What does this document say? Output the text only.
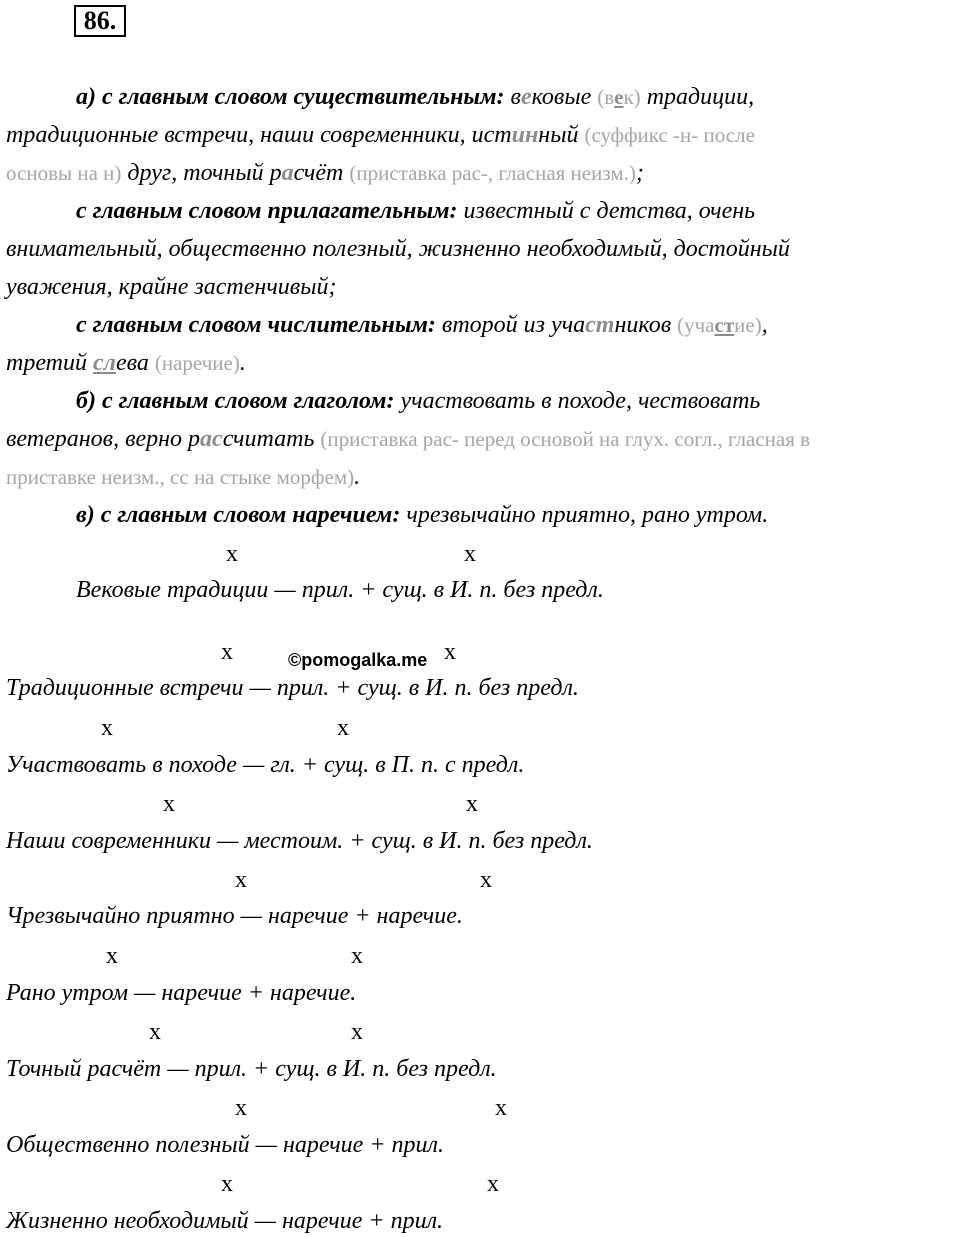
86.
а) с главным словом существительным: вековые (век) традиции,
традиционные встречи, наши современники, истинный (суффикс -н- после
основы на н) друг, точный расчёт (приставка рас-, гласная неизм.);
с главным словом прилагательным: известный с детства, очень
внимательный, общественно полезный, жизненно необходимый, достойный
уважения, крайне застенчивый;
с главным словом числительным: второй из участников (участие),
третий слева (наречие).
б) с главным словом глаголом: участвовать в походе, чествовать
ветеранов, верно рассчитать (приставка рас- перед основой на глух. согл., гласная в
приставке неизм., сс на стыке морфем).
в) с главным словом наречием: чрезвычайно приятно, рано утром.
x	x
Вековые традиции — прил. + сущ. в И. п. без предл.
x	x
©pomogalka.me
Традиционные встречи — прил. + сущ. в И. п. без предл.
x	x
Участвовать в походе — гл. + сущ. в П. п. с предл.
x	x
Наши современники — местоим. + сущ. в И. п. без предл.
x	x
Чрезвычайно приятно — наречие + наречие.
x	x
Рано утром — наречие + наречие.
x	x
Точный расчёт — прил. + сущ. в И. п. без предл.
x	x
Общественно полезный — наречие + прил.
x	x
Жизненно необходимый — наречие + прил.
